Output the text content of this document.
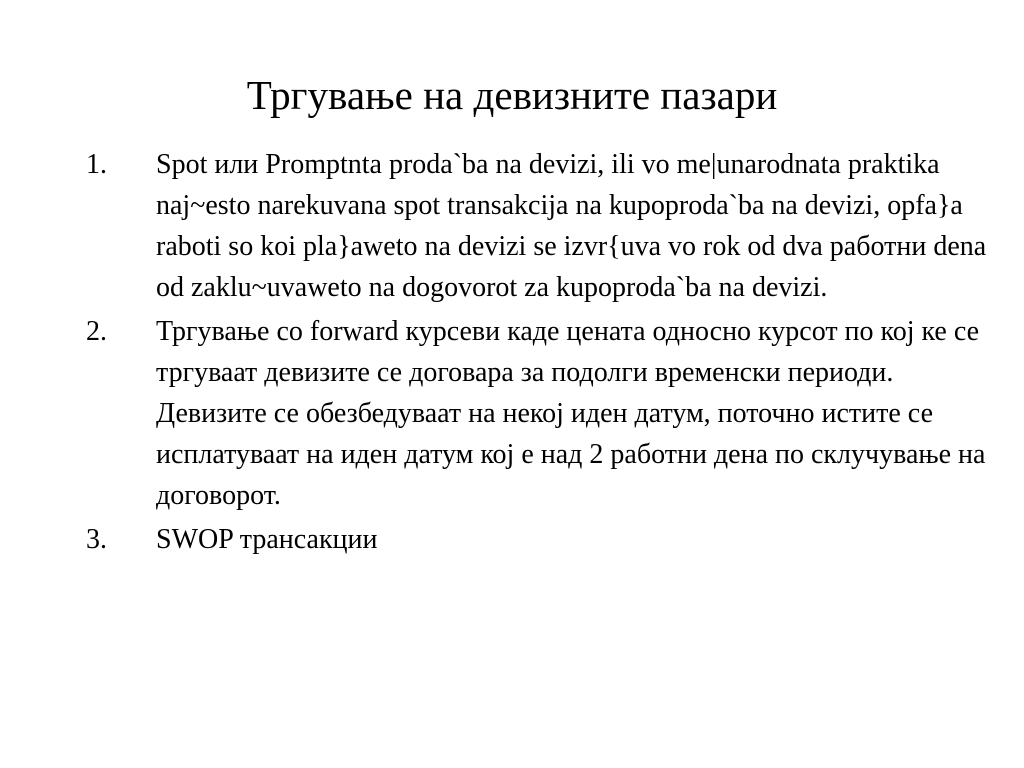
Тргување на девизните пазари
1.	Spot или Promptnta proda`ba na devizi, ili vo me|unarodnata praktika naj~esto narekuvana spot transakcija na kupoproda`ba na devizi, opfa}a raboti so koi pla}aweto na devizi se izvr{uva vo rok od dva работни dena od zaklu~uvaweto na dogovorot za kupoproda`ba na devizi.
2.	Тргување со forward курсеви каде цената односно курсот по кој ке се тргуваат девизите се договара за подолги временски периоди. Девизите се обезбедуваат на некој иден датум, поточно истите се исплатуваат на иден датум кој е над 2 работни дена по склучување на договорот.
3.	SWOP трансакции
